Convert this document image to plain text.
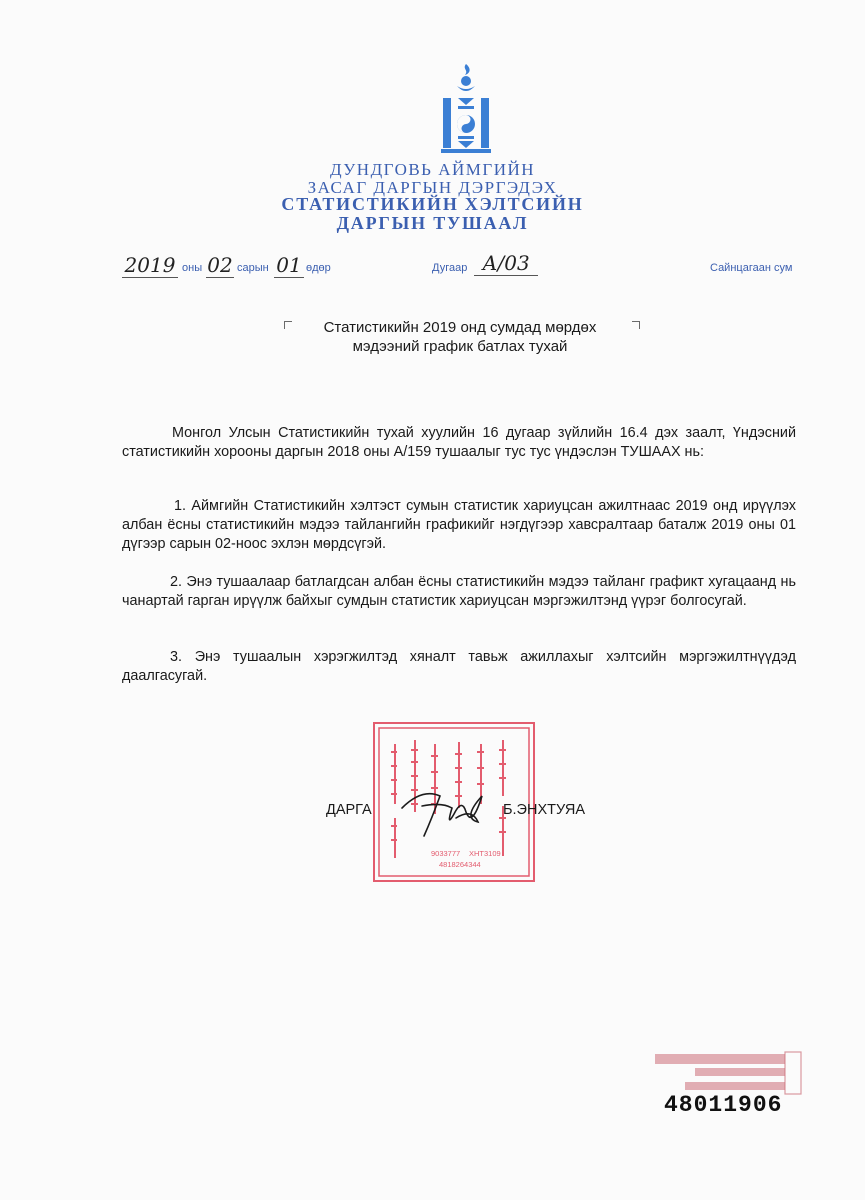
ДУНДГОВЬ АЙМГИЙН
ЗАСАГ ДАРГЫН ДЭРГЭДЭХ
СТАТИСТИКИЙН ХЭЛТСИЙН
ДАРГЫН ТУШААЛ
2019 оны 02 сарын 01 өдөр	Дугаар А/03	Сайнцагаан сум
Статистикийн 2019 онд сумдад мөрдөх
мэдээний график батлах тухай

Монгол Улсын Статистикийн тухай хуулийн 16 дугаар зүйлийн 16.4 дэх заалт, Үндэсний статистикийн хорооны даргын 2018 оны А/159 тушаалыг тус тус үндэслэн ТУШААХ нь:

1. Аймгийн Статистикийн хэлтэст сумын статистик хариуцсан ажилтнаас 2019 онд ирүүлэх албан ёсны статистикийн мэдээ тайлангийн графикийг нэгдүгээр хавсралтаар баталж 2019 оны 01 дүгээр сарын 02-ноос эхлэн мөрдсүгэй.

2. Энэ тушаалаар батлагдсан албан ёсны статистикийн мэдээ тайланг графикт хугацаанд нь чанартай гарган ирүүлж байхыг сумдын статистик хариуцсан мэргэжилтэнд үүрэг болгосугай.

3. Энэ тушаалын хэрэгжилтэд хяналт тавьж ажиллахыг хэлтсийн мэргэжилтнүүдэд даалгасугай.

9033777 ХНТ3109
4818264344
ДАРГА	Б.ЭНХТУЯА
48011906
